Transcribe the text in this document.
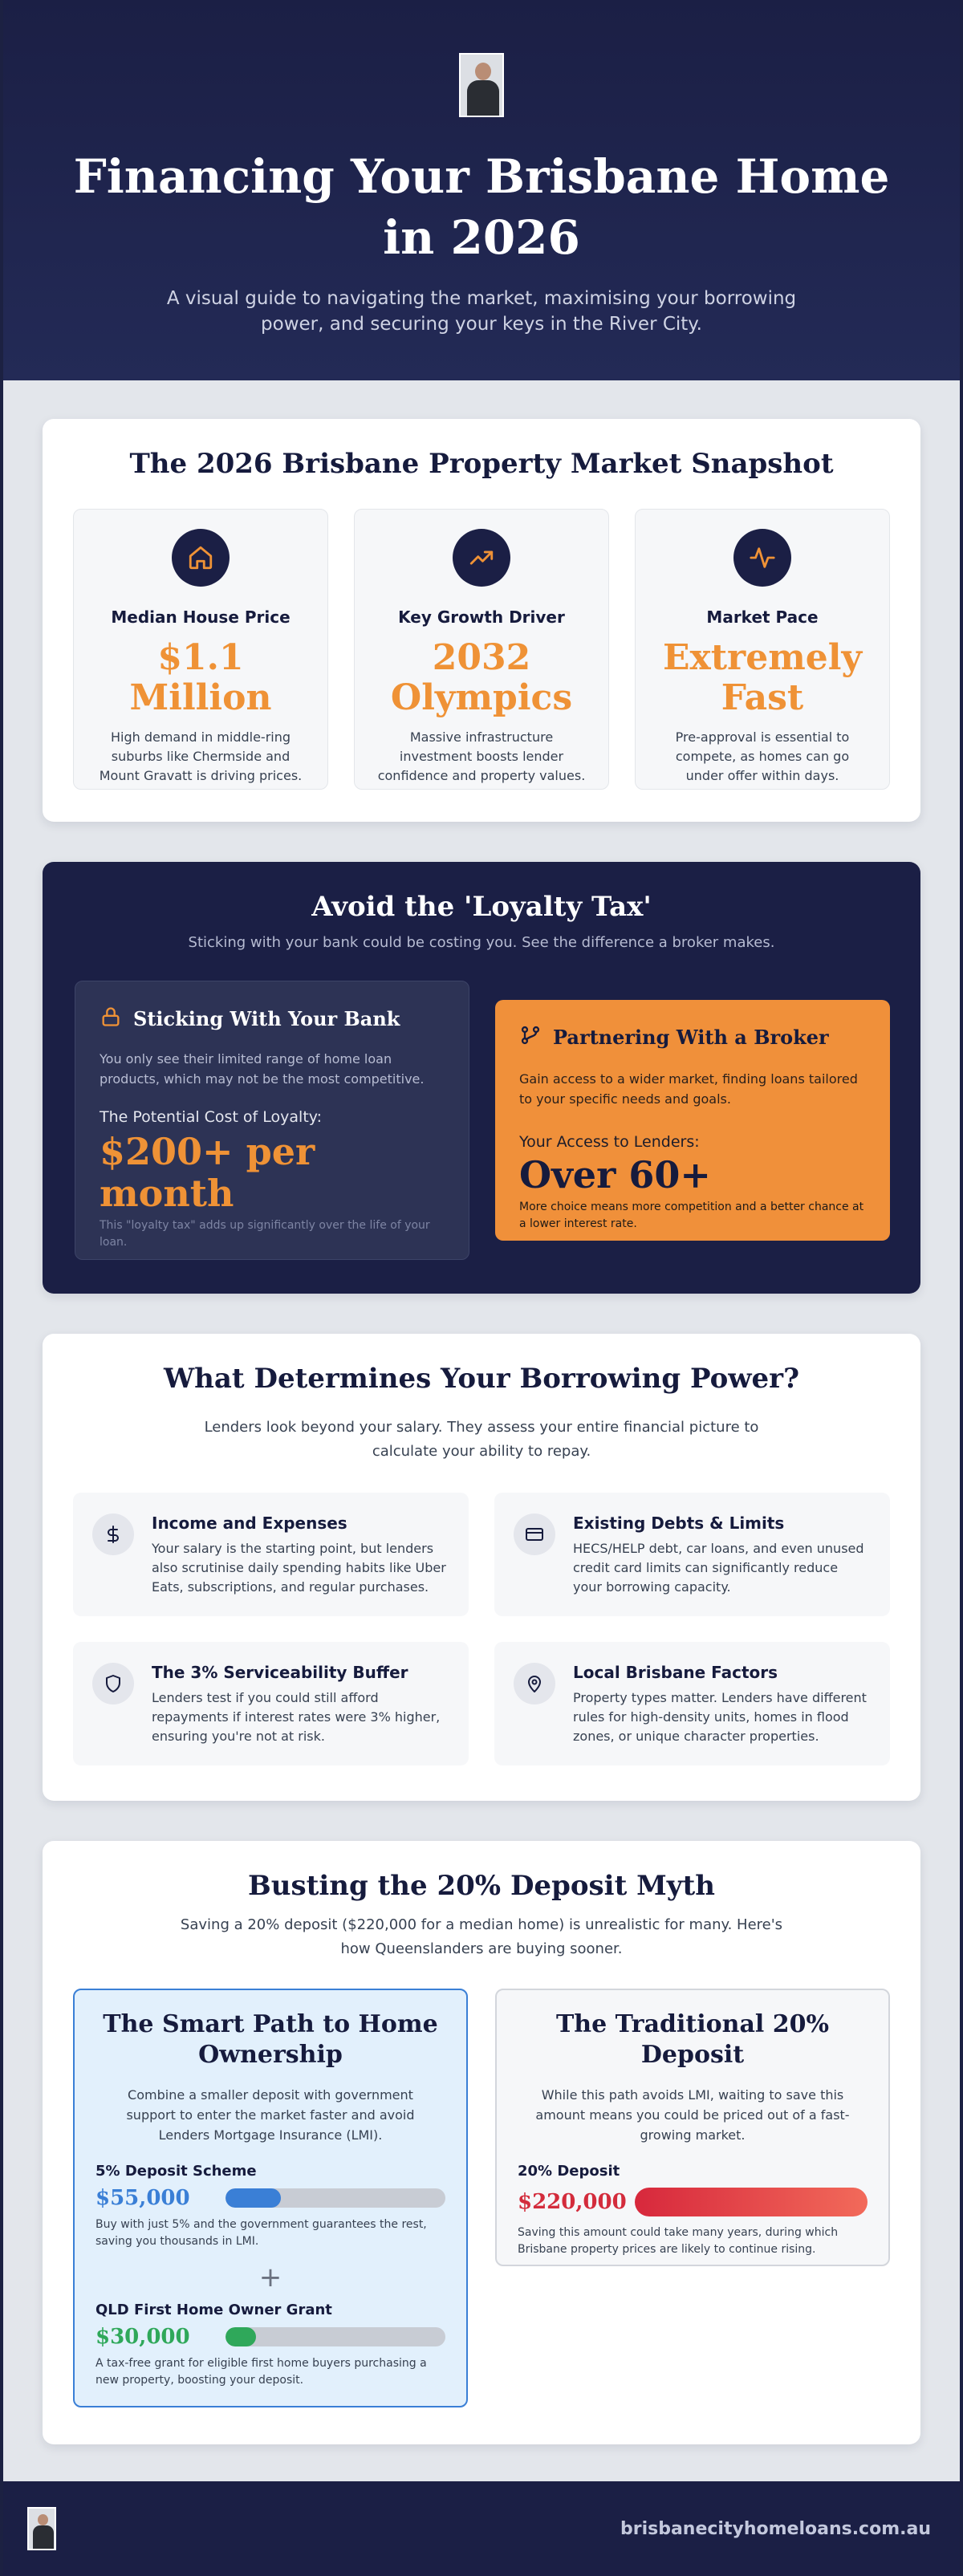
Financing Your Brisbane Home in 2026

A visual guide to navigating the market, maximising your borrowing power, and securing your keys in the River City.

The 2026 Brisbane Property Market Snapshot
Median House Price
$1.1 Million
High demand in middle-ring suburbs like Chermside and Mount Gravatt is driving prices.
Key Growth Driver
2032 Olympics
Massive infrastructure investment boosts lender confidence and property values.
Market Pace
Extremely Fast
Pre-approval is essential to compete, as homes can go under offer within days.
Avoid the 'Loyalty Tax'
Sticking with your bank could be costing you. See the difference a broker makes.
Sticking With Your Bank

You only see their limited range of home loan products, which may not be the most competitive.

The Potential Cost of Loyalty:
$200+ per month
This "loyalty tax" adds up significantly over the life of your loan.
Partnering With a Broker

Gain access to a wider market, finding loans tailored to your specific needs and goals.

Your Access to Lenders:
Over 60+
More choice means more competition and a better chance at a lower interest rate.
What Determines Your Borrowing Power?
Lenders look beyond your salary. They assess your entire financial picture to calculate your ability to repay.
Income and Expenses

Your salary is the starting point, but lenders also scrutinise daily spending habits like Uber Eats, subscriptions, and regular purchases.

Existing Debts & Limits

HECS/HELP debt, car loans, and even unused credit card limits can significantly reduce your borrowing capacity.

The 3% Serviceability Buffer

Lenders test if you could still afford repayments if interest rates were 3% higher, ensuring you're not at risk.

Local Brisbane Factors

Property types matter. Lenders have different rules for high-density units, homes in flood zones, or unique character properties.

Busting the 20% Deposit Myth
Saving a 20% deposit ($220,000 for a median home) is unrealistic for many. Here's how Queenslanders are buying sooner.
The Smart Path to Home Ownership
Combine a smaller deposit with government support to enter the market faster and avoid Lenders Mortgage Insurance (LMI).
5% Deposit Scheme
$55,000
Buy with just 5% and the government guarantees the rest, saving you thousands in LMI.
+
QLD First Home Owner Grant
$30,000
A tax-free grant for eligible first home buyers purchasing a new property, boosting your deposit.
The Traditional 20% Deposit
While this path avoids LMI, waiting to save this amount means you could be priced out of a fast-growing market.
20% Deposit
$220,000
Saving this amount could take many years, during which Brisbane property prices are likely to continue rising.
brisbanecityhomeloans.com.au
